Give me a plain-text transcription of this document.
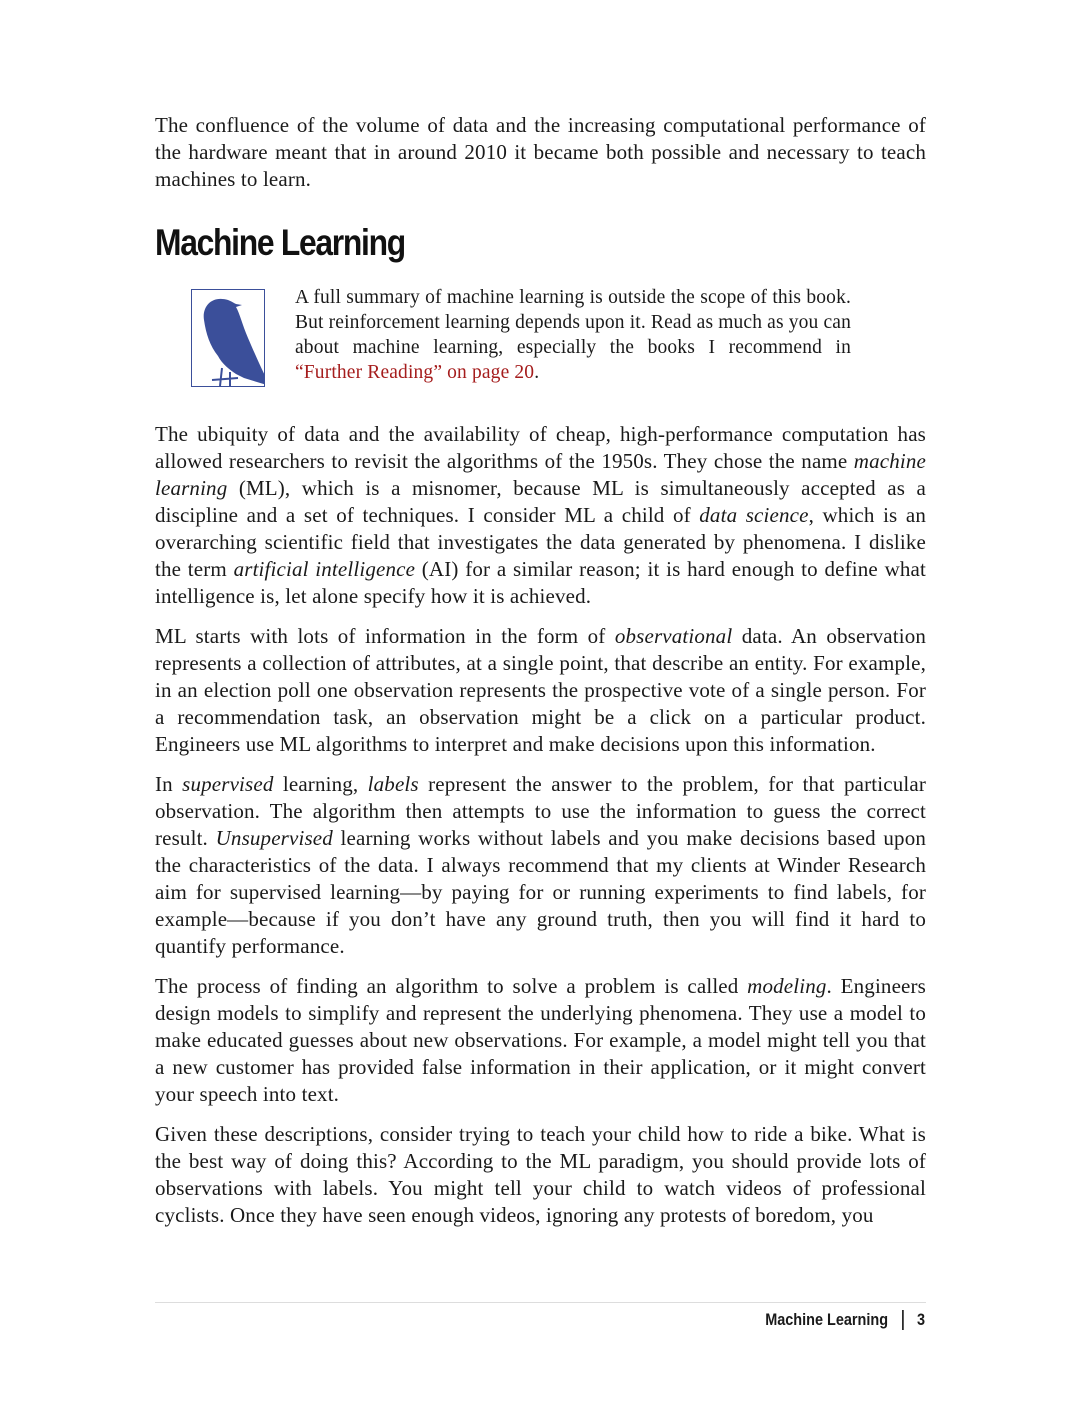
The confluence of the volume of data and the increasing computational performance of the hardware meant that in around 2010 it became both possible and necessary to teach machines to learn.

Machine Learning

A full summary of machine learning is outside the scope of this book. But reinforcement learning depends upon it. Read as much as you can about machine learning, especially the books I recommend in “Further Reading” on page 20.

The ubiquity of data and the availability of cheap, high-performance computation has allowed researchers to revisit the algorithms of the 1950s. They chose the name machine learning (ML), which is a misnomer, because ML is simultaneously accepted as a discipline and a set of techniques. I consider ML a child of data science, which is an overarching scientific field that investigates the data generated by phenomena. I dislike the term artificial intelligence (AI) for a similar reason; it is hard enough to define what intelligence is, let alone specify how it is achieved.

ML starts with lots of information in the form of observational data. An observation represents a collection of attributes, at a single point, that describe an entity. For example, in an election poll one observation represents the prospective vote of a single person. For a recommendation task, an observation might be a click on a particular product. Engineers use ML algorithms to interpret and make decisions upon this information.

In supervised learning, labels represent the answer to the problem, for that particular observation. The algorithm then attempts to use the information to guess the correct result. Unsupervised learning works without labels and you make decisions based upon the characteristics of the data. I always recommend that my clients at Winder Research aim for supervised learning—by paying for or running experiments to find labels, for example—because if you don’t have any ground truth, then you will find it hard to quantify performance.

The process of finding an algorithm to solve a problem is called modeling. Engineers design models to simplify and represent the underlying phenomena. They use a model to make educated guesses about new observations. For example, a model might tell you that a new customer has provided false information in their application, or it might convert your speech into text.

Given these descriptions, consider trying to teach your child how to ride a bike. What is the best way of doing this? According to the ML paradigm, you should provide lots of observations with labels. You might tell your child to watch videos of professional cyclists. Once they have seen enough videos, ignoring any protests of boredom, you

Machine Learning 3
